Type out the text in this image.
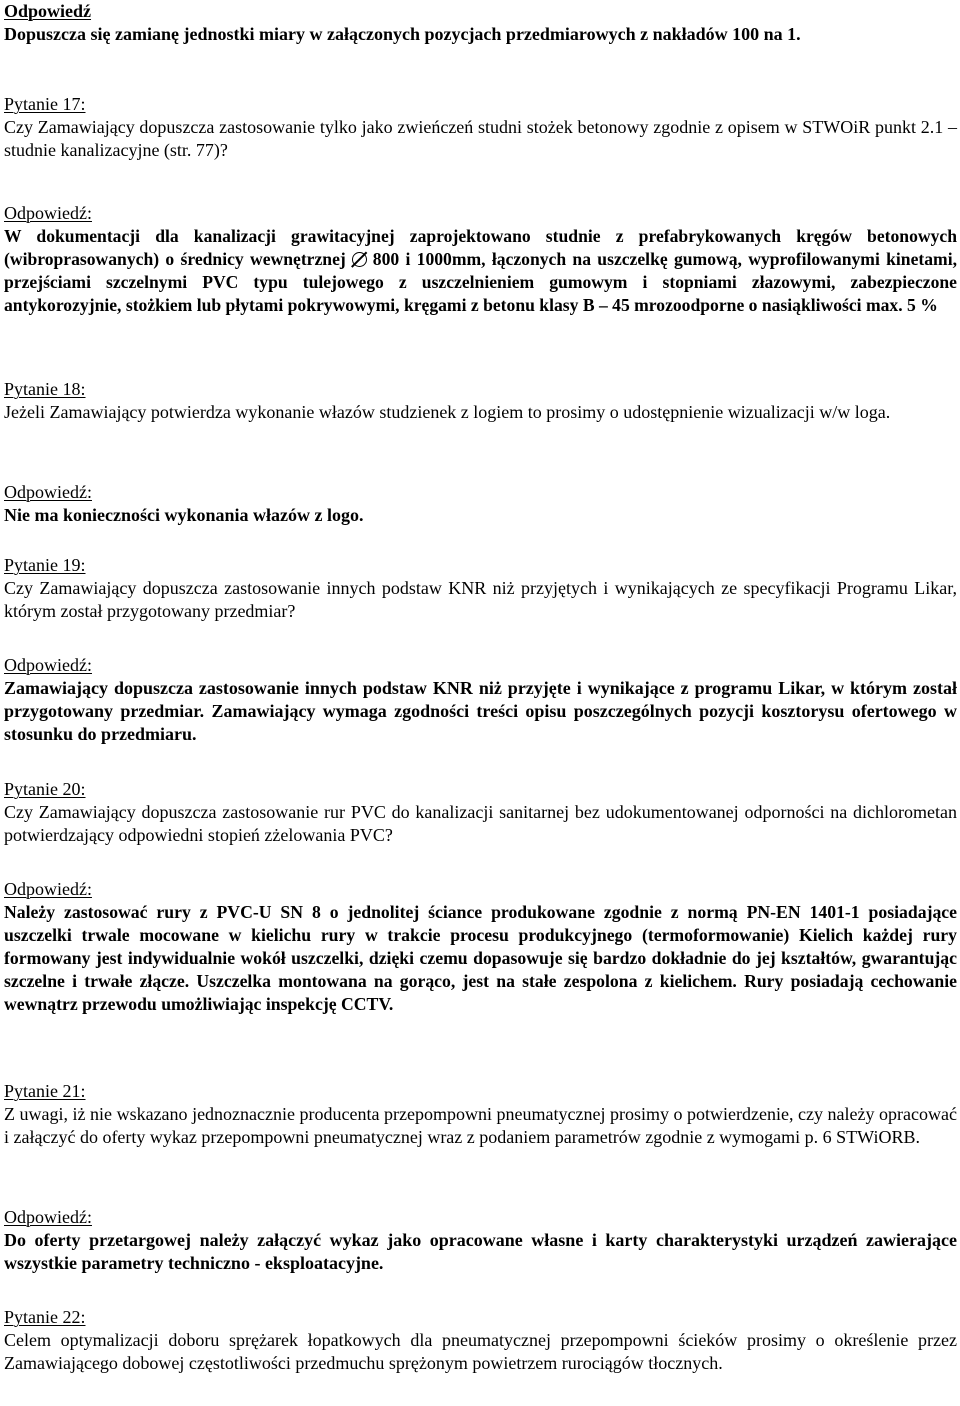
Odpowiedź
Dopuszcza się zamianę jednostki miary w załączonych pozycjach przedmiarowych z nakładów 100 na 1.
Pytanie 17:
Czy Zamawiający dopuszcza zastosowanie tylko jako zwieńczeń studni stożek betonowy zgodnie z opisem w STWOiR punkt 2.1 – studnie kanalizacyjne (str. 77)?
Odpowiedź:
W dokumentacji dla kanalizacji grawitacyjnej zaprojektowano studnie z prefabrykowanych kręgów betonowych (wibroprasowanych) o średnicy wewnętrznej 800 i 1000mm, łączonych na uszczelkę gumową, wyprofilowanymi kinetami, przejściami szczelnymi PVC typu tulejowego z uszczelnieniem gumowym i stopniami złazowymi, zabezpieczone antykorozyjnie, stożkiem lub płytami pokrywowymi, kręgami z betonu klasy B – 45 mrozoodporne o nasiąkliwości max. 5 %
Pytanie 18:
Jeżeli Zamawiający potwierdza wykonanie włazów studzienek z logiem to prosimy o udostępnienie wizualizacji w/w loga.
Odpowiedź:
Nie ma konieczności wykonania włazów z logo.
Pytanie 19:
Czy Zamawiający dopuszcza zastosowanie innych podstaw KNR niż przyjętych i wynikających ze specyfikacji Programu Likar, którym został przygotowany przedmiar?
Odpowiedź:
Zamawiający dopuszcza zastosowanie innych podstaw KNR niż przyjęte i wynikające z programu Likar, w którym został przygotowany przedmiar. Zamawiający wymaga zgodności treści opisu poszczególnych pozycji kosztorysu ofertowego w stosunku do przedmiaru.
Pytanie 20:
Czy Zamawiający dopuszcza zastosowanie rur PVC do kanalizacji sanitarnej bez udokumentowanej odporności na dichlorometan potwierdzający odpowiedni stopień zżelowania PVC?
Odpowiedź:
Należy zastosować rury z PVC-U SN 8 o jednolitej ściance produkowane zgodnie z normą PN-EN 1401-1 posiadające uszczelki trwale mocowane w kielichu rury w trakcie procesu produkcyjnego (termoformowanie) Kielich każdej rury formowany jest indywidualnie wokół uszczelki, dzięki czemu dopasowuje się bardzo dokładnie do jej kształtów, gwarantując szczelne i trwałe złącze. Uszczelka montowana na gorąco, jest na stałe zespolona z kielichem. Rury posiadają cechowanie wewnątrz przewodu umożliwiając inspekcję CCTV.
Pytanie 21:
Z uwagi, iż nie wskazano jednoznacznie producenta przepompowni pneumatycznej prosimy o potwierdzenie, czy należy opracować i załączyć do oferty wykaz przepompowni pneumatycznej wraz z podaniem parametrów zgodnie z wymogami p. 6 STWiORB.
Odpowiedź:
Do oferty przetargowej należy załączyć wykaz jako opracowane własne i karty charakterystyki urządzeń zawierające wszystkie parametry techniczno - eksploatacyjne.
Pytanie 22:
Celem optymalizacji doboru sprężarek łopatkowych dla pneumatycznej przepompowni ścieków prosimy o określenie przez Zamawiającego dobowej częstotliwości przedmuchu sprężonym powietrzem rurociągów tłocznych.
